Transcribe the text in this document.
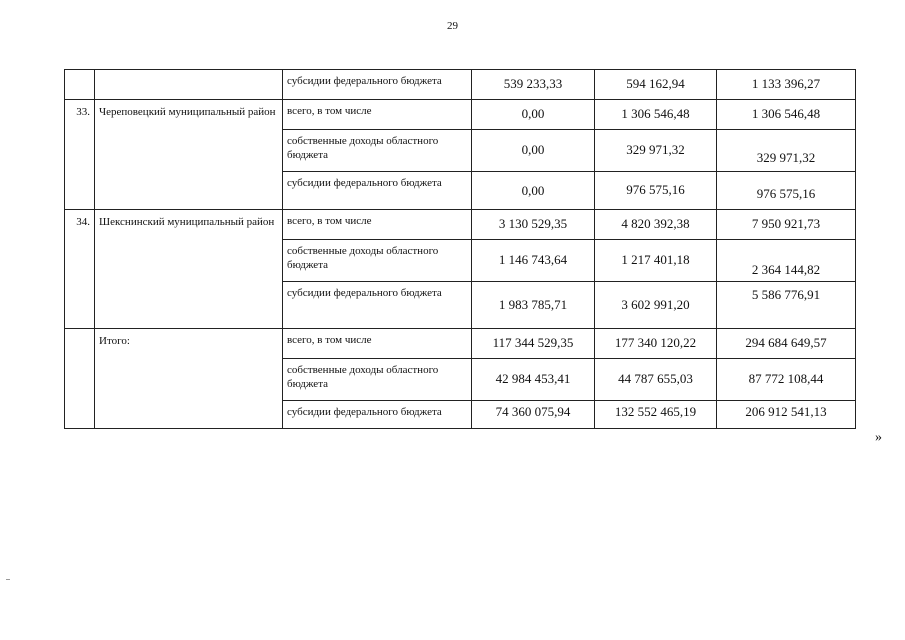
29
		субсидии федерального бюджета	539 233,33	594 162,94	1 133 396,27
33.	Череповецкий муниципальный район	всего, в том числе	0,00	1 306 546,48	1 306 546,48
		собственные доходы областного бюджета	0,00	329 971,32	329 971,32
		субсидии федерального бюджета	0,00	976 575,16	976 575,16
34.	Шекснинский муниципальный район	всего, в том числе	3 130 529,35	4 820 392,38	7 950 921,73
		собственные доходы областного бюджета	1 146 743,64	1 217 401,18	2 364 144,82
		субсидии федерального бюджета	1 983 785,71	3 602 991,20	5 586 776,91
	Итого:	всего, в том числе	117 344 529,35	177 340 120,22	294 684 649,57
		собственные доходы областного бюджета	42 984 453,41	44 787 655,03	87 772 108,44
		субсидии федерального бюджета	74 360 075,94	132 552 465,19	206 912 541,13
»
